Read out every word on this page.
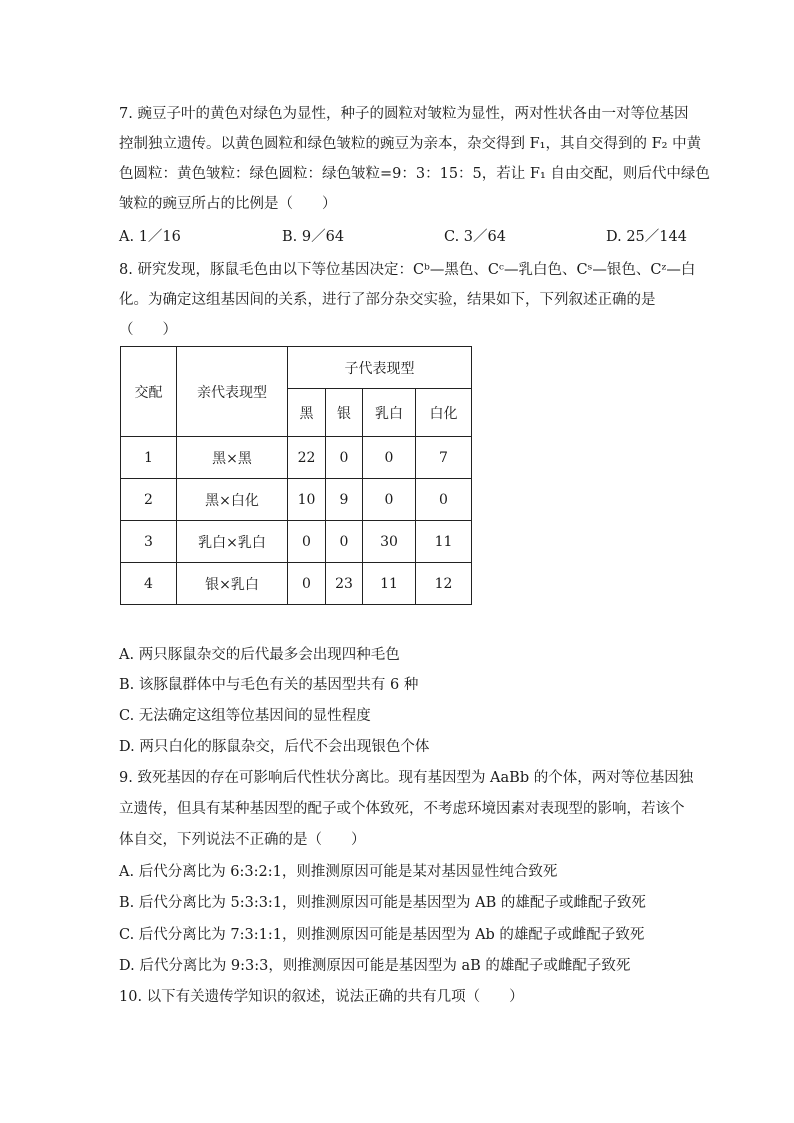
7. 豌豆子叶的黄色对绿色为显性，种子的圆粒对皱粒为显性，两对性状各由一对等位基因
控制独立遗传。以黄色圆粒和绿色皱粒的豌豆为亲本，杂交得到 F₁，其自交得到的 F₂ 中黄
色圆粒：黄色皱粒：绿色圆粒：绿色皱粒=9：3：15：5，若让 F₁ 自由交配，则后代中绿色
皱粒的豌豆所占的比例是（　　）
A. 1／16	B. 9／64	C. 3／64	D. 25／144
8. 研究发现，豚鼠毛色由以下等位基因决定：Cᵇ—黑色、Cᶜ—乳白色、Cˢ—银色、Cᶻ—白
化。为确定这组基因间的关系，进行了部分杂交实验，结果如下，下列叙述正确的是
（　　）
交配	亲代表现型	子代表现型			
		黑	银	乳白	白化
1	黑×黑	22	0	0	7
2	黑×白化	10	9	0	0
3	乳白×乳白	0	0	30	11
4	银×乳白	0	23	11	12
A. 两只豚鼠杂交的后代最多会出现四种毛色
B. 该豚鼠群体中与毛色有关的基因型共有 6 种
C. 无法确定这组等位基因间的显性程度
D. 两只白化的豚鼠杂交，后代不会出现银色个体
9. 致死基因的存在可影响后代性状分离比。现有基因型为 AaBb 的个体，两对等位基因独
立遗传，但具有某种基因型的配子或个体致死，不考虑环境因素对表现型的影响，若该个
体自交，下列说法不正确的是（　　）
A. 后代分离比为 6:3:2:1，则推测原因可能是某对基因显性纯合致死
B. 后代分离比为 5:3:3:1，则推测原因可能是基因型为 AB 的雄配子或雌配子致死
C. 后代分离比为 7:3:1:1，则推测原因可能是基因型为 Ab 的雄配子或雌配子致死
D. 后代分离比为 9:3:3，则推测原因可能是基因型为 aB 的雄配子或雌配子致死
10. 以下有关遗传学知识的叙述，说法正确的共有几项（　　）
